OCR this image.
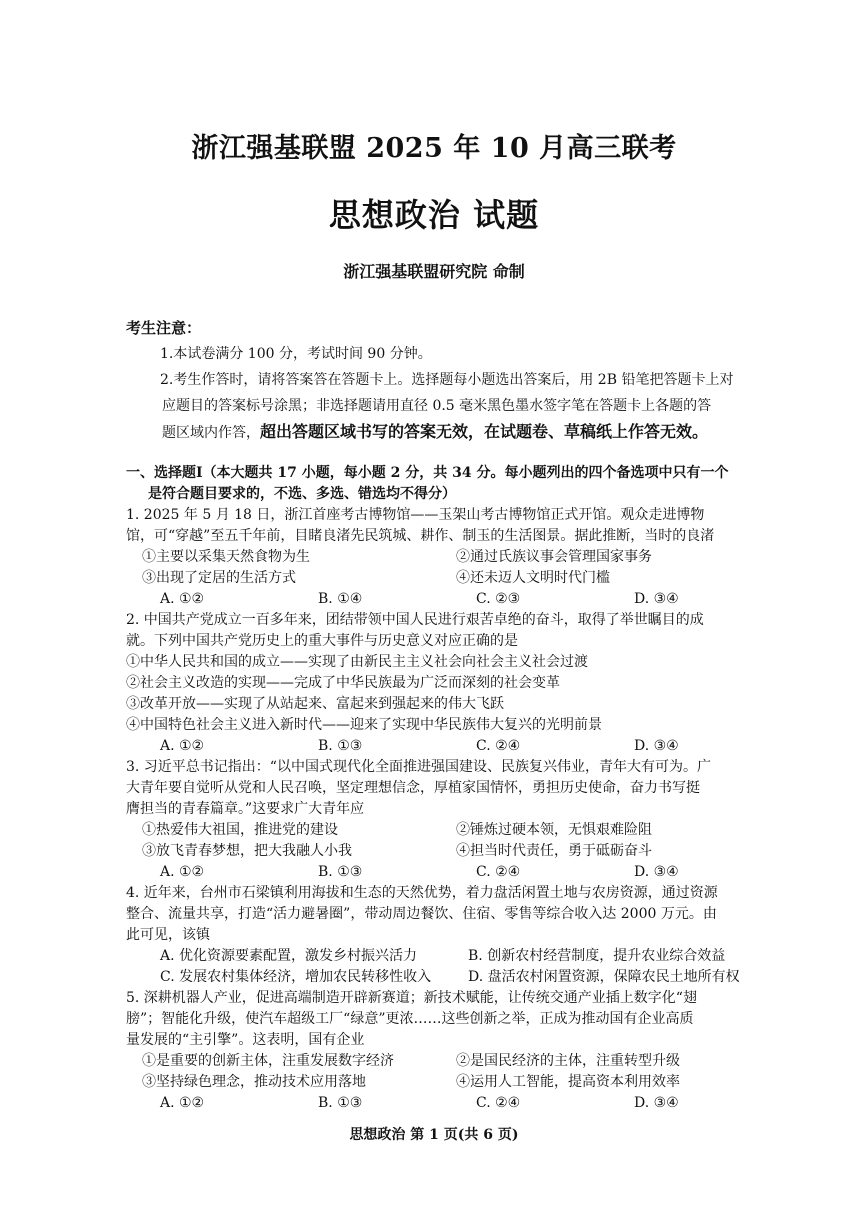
浙江强基联盟 2025 年 10 月高三联考
思想政治 试题
浙江强基联盟研究院 命制
考生注意：
1.本试卷满分 100 分，考试时间 90 分钟。
2.考生作答时，请将答案答在答题卡上。选择题每小题选出答案后，用 2B 铅笔把答题卡上对
应题目的答案标号涂黑；非选择题请用直径 0.5 毫米黑色墨水签字笔在答题卡上各题的答
题区域内作答，超出答题区域书写的答案无效，在试题卷、草稿纸上作答无效。
一、选择题Ⅰ（本大题共 17 小题，每小题 2 分，共 34 分。每小题列出的四个备选项中只有一个
是符合题目要求的，不选、多选、错选均不得分）
1. 2025 年 5 月 18 日，浙江首座考古博物馆——玉架山考古博物馆正式开馆。观众走进博物
馆，可“穿越”至五千年前，目睹良渚先民筑城、耕作、制玉的生活图景。据此推断，当时的良渚
①主要以采集天然食物为生	②通过氏族议事会管理国家事务
③出现了定居的生活方式	④还未迈人文明时代门槛
A. ①②	B. ①④	C. ②③	D. ③④
2. 中国共产党成立一百多年来，团结带领中国人民进行艰苦卓绝的奋斗，取得了举世瞩目的成
就。下列中国共产党历史上的重大事件与历史意义对应正确的是
①中华人民共和国的成立——实现了由新民主主义社会向社会主义社会过渡
②社会主义改造的实现——完成了中华民族最为广泛而深刻的社会变革
③改革开放——实现了从站起来、富起来到强起来的伟大飞跃
④中国特色社会主义进入新时代——迎来了实现中华民族伟大复兴的光明前景
A. ①②	B. ①③	C. ②④	D. ③④
3. 习近平总书记指出：“以中国式现代化全面推进强国建设、民族复兴伟业，青年大有可为。广
大青年要自觉听从党和人民召唤，坚定理想信念，厚植家国情怀，勇担历史使命，奋力书写挺
膺担当的青春篇章。”这要求广大青年应
①热爱伟大祖国，推进党的建设	②锤炼过硬本领，无惧艰难险阻
③放飞青春梦想，把大我融人小我	④担当时代责任，勇于砥砺奋斗
A. ①②	B. ①③	C. ②④	D. ③④
4. 近年来，台州市石梁镇利用海拔和生态的天然优势，着力盘活闲置土地与农房资源，通过资源
整合、流量共享，打造“活力避暑圈”，带动周边餐饮、住宿、零售等综合收入达 2000 万元。由
此可见，该镇
A. 优化资源要素配置，激发乡村振兴活力	B. 创新农村经营制度，提升农业综合效益
C. 发展农村集体经济，增加农民转移性收入	D. 盘活农村闲置资源，保障农民土地所有权
5. 深耕机器人产业，促进高端制造开辟新赛道；新技术赋能，让传统交通产业插上数字化“翅
膀”；智能化升级，使汽车超级工厂“绿意”更浓……这些创新之举，正成为推动国有企业高质
量发展的“主引擎”。这表明，国有企业
①是重要的创新主体，注重发展数字经济	②是国民经济的主体，注重转型升级
③坚持绿色理念，推动技术应用落地	④运用人工智能，提高资本利用效率
A. ①②	B. ①③	C. ②④	D. ③④
思想政治 第 1 页(共 6 页)
